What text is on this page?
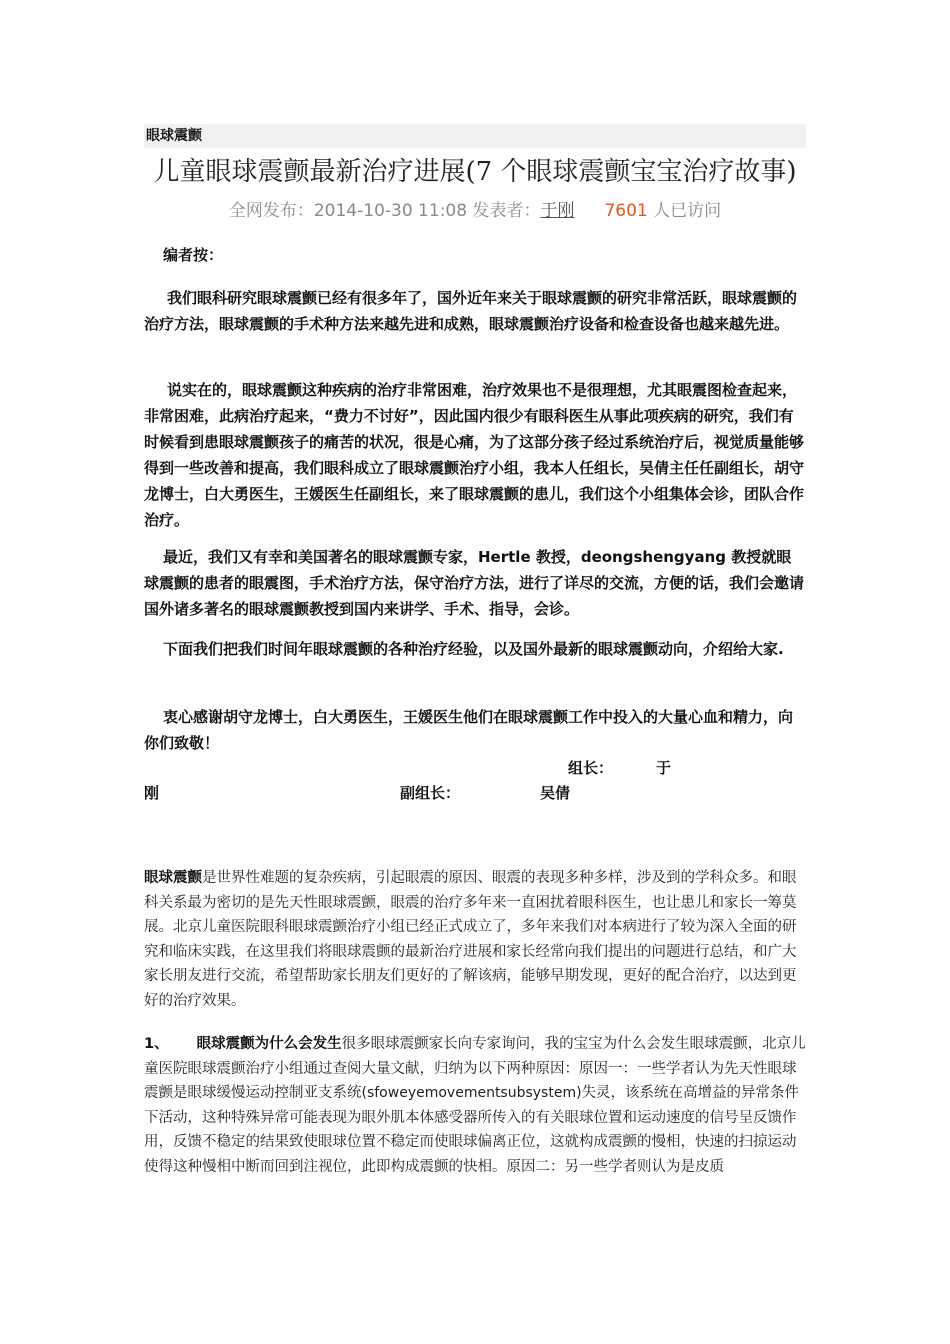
眼球震颤
儿童眼球震颤最新治疗进展(7 个眼球震颤宝宝治疗故事)
全网发布：2014-10-30 11:08 发表者：于刚 7601 人已访问

编者按：

我们眼科研究眼球震颤已经有很多年了，国外近年来关于眼球震颤的研究非常活跃，眼球震颤的治疗方法，眼球震颤的手术种方法来越先进和成熟，眼球震颤治疗设备和检查设备也越来越先进。

说实在的，眼球震颤这种疾病的治疗非常困难，治疗效果也不是很理想，尤其眼震图检查起来，非常困难，此病治疗起来，“费力不讨好”，因此国内很少有眼科医生从事此项疾病的研究，我们有时候看到患眼球震颤孩子的痛苦的状况，很是心痛，为了这部分孩子经过系统治疗后，视觉质量能够得到一些改善和提高，我们眼科成立了眼球震颤治疗小组，我本人任组长，吴倩主任任副组长，胡守龙博士，白大勇医生，王媛医生任副组长，来了眼球震颤的患儿，我们这个小组集体会诊，团队合作治疗。

最近，我们又有幸和美国著名的眼球震颤专家，Hertle 教授，deongshengyang 教授就眼球震颤的患者的眼震图，手术治疗方法，保守治疗方法，进行了详尽的交流，方便的话，我们会邀请国外诸多著名的眼球震颤教授到国内来讲学、手术、指导，会诊。

下面我们把我们时间年眼球震颤的各种治疗经验，以及国外最新的眼球震颤动向，介绍给大家.

衷心感谢胡守龙博士，白大勇医生，王媛医生他们在眼球震颤工作中投入的大量心血和精力，向你们致敬！

组长：	于
刚	副组长：	吴倩

眼球震颤是世界性难题的复杂疾病，引起眼震的原因、眼震的表现多种多样，涉及到的学科众多。和眼科关系最为密切的是先天性眼球震颤，眼震的治疗多年来一直困扰着眼科医生，也让患儿和家长一筹莫展。北京儿童医院眼科眼球震颤治疗小组已经正式成立了，多年来我们对本病进行了较为深入全面的研究和临床实践，在这里我们将眼球震颤的最新治疗进展和家长经常向我们提出的问题进行总结，和广大家长朋友进行交流，希望帮助家长朋友们更好的了解该病，能够早期发现，更好的配合治疗，以达到更好的治疗效果。

1、 眼球震颤为什么会发生很多眼球震颤家长向专家询问，我的宝宝为什么会发生眼球震颤，北京儿童医院眼球震颤治疗小组通过查阅大量文献，归纳为以下两种原因：原因一：一些学者认为先天性眼球震颤是眼球缓慢运动控制亚支系统(sfoweyemovementsubsystem)失灵，该系统在高增益的异常条件下活动，这种特殊异常可能表现为眼外肌本体感受器所传入的有关眼球位置和运动速度的信号呈反馈作用，反馈不稳定的结果致使眼球位置不稳定而使眼球偏离正位，这就构成震颤的慢相，快速的扫掠运动使得这种慢相中断而回到注视位，此即构成震颤的快相。原因二：另一些学者则认为是皮质
